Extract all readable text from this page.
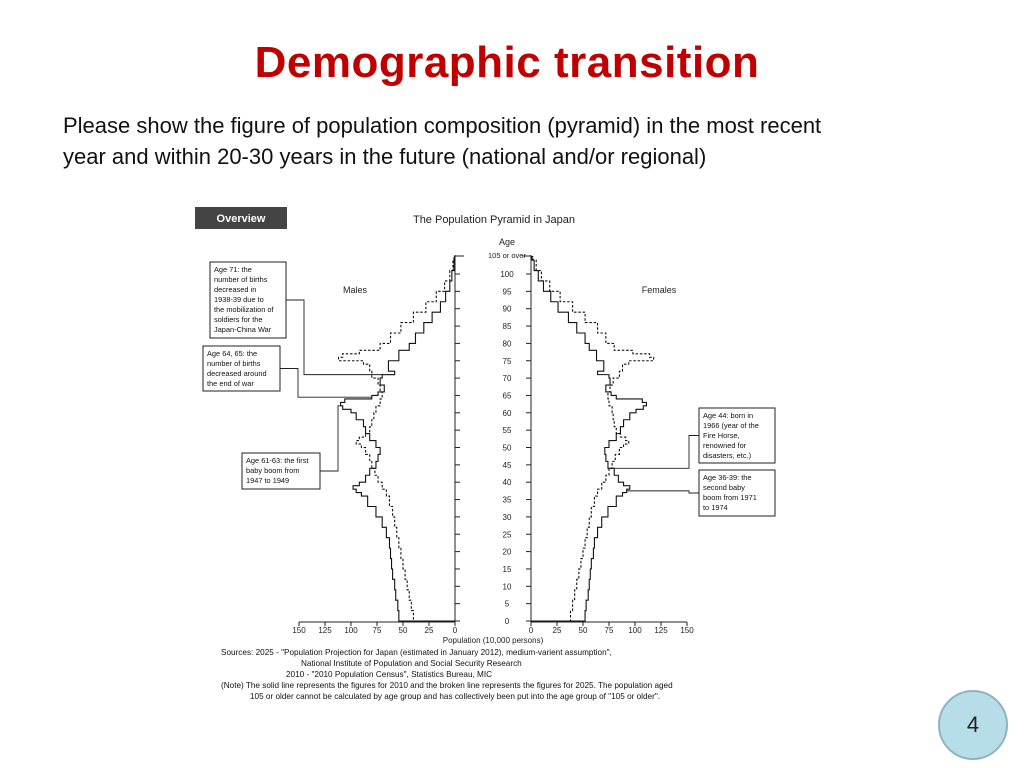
Demographic transition
Please show the figure of population composition (pyramid) in the most recent
year and within 20-30 years in the future (national and/or regional)
Overview	The Population Pyramid in Japan
Age
105 or over
0
5
10
15
20
25
30
35
40
45
50
55
60
65
70
75
80
85
90
95
100
150 125 100 75 50 25 0	0 25 50 75 100 125 150
Population (10,000 persons)
Males	Females
Age 71: the
number of births
decreased in
1938-39 due to
the mobilization of
soldiers for the
Japan-China War
Age 64, 65: the
number of births
decreased around
the end of war
Age 61-63: the first
baby boom from
1947 to 1949
Age 44: born in
1966 (year of the
Fire Horse,
renowned for
disasters, etc.)
Age 36-39: the
second baby
boom from 1971
to 1974
Sources: 2025 - "Population Projection for Japan (estimated in January 2012), medium-varient assumption",
National Institute of Population and Social Security Research
2010 - "2010 Population Census", Statistics Bureau, MIC
(Note) The solid line represents the figures for 2010 and the broken line represents the figures for 2025. The population aged
105 or older cannot be calculated by age group and has collectively been put into the age group of "105 or older".
4
